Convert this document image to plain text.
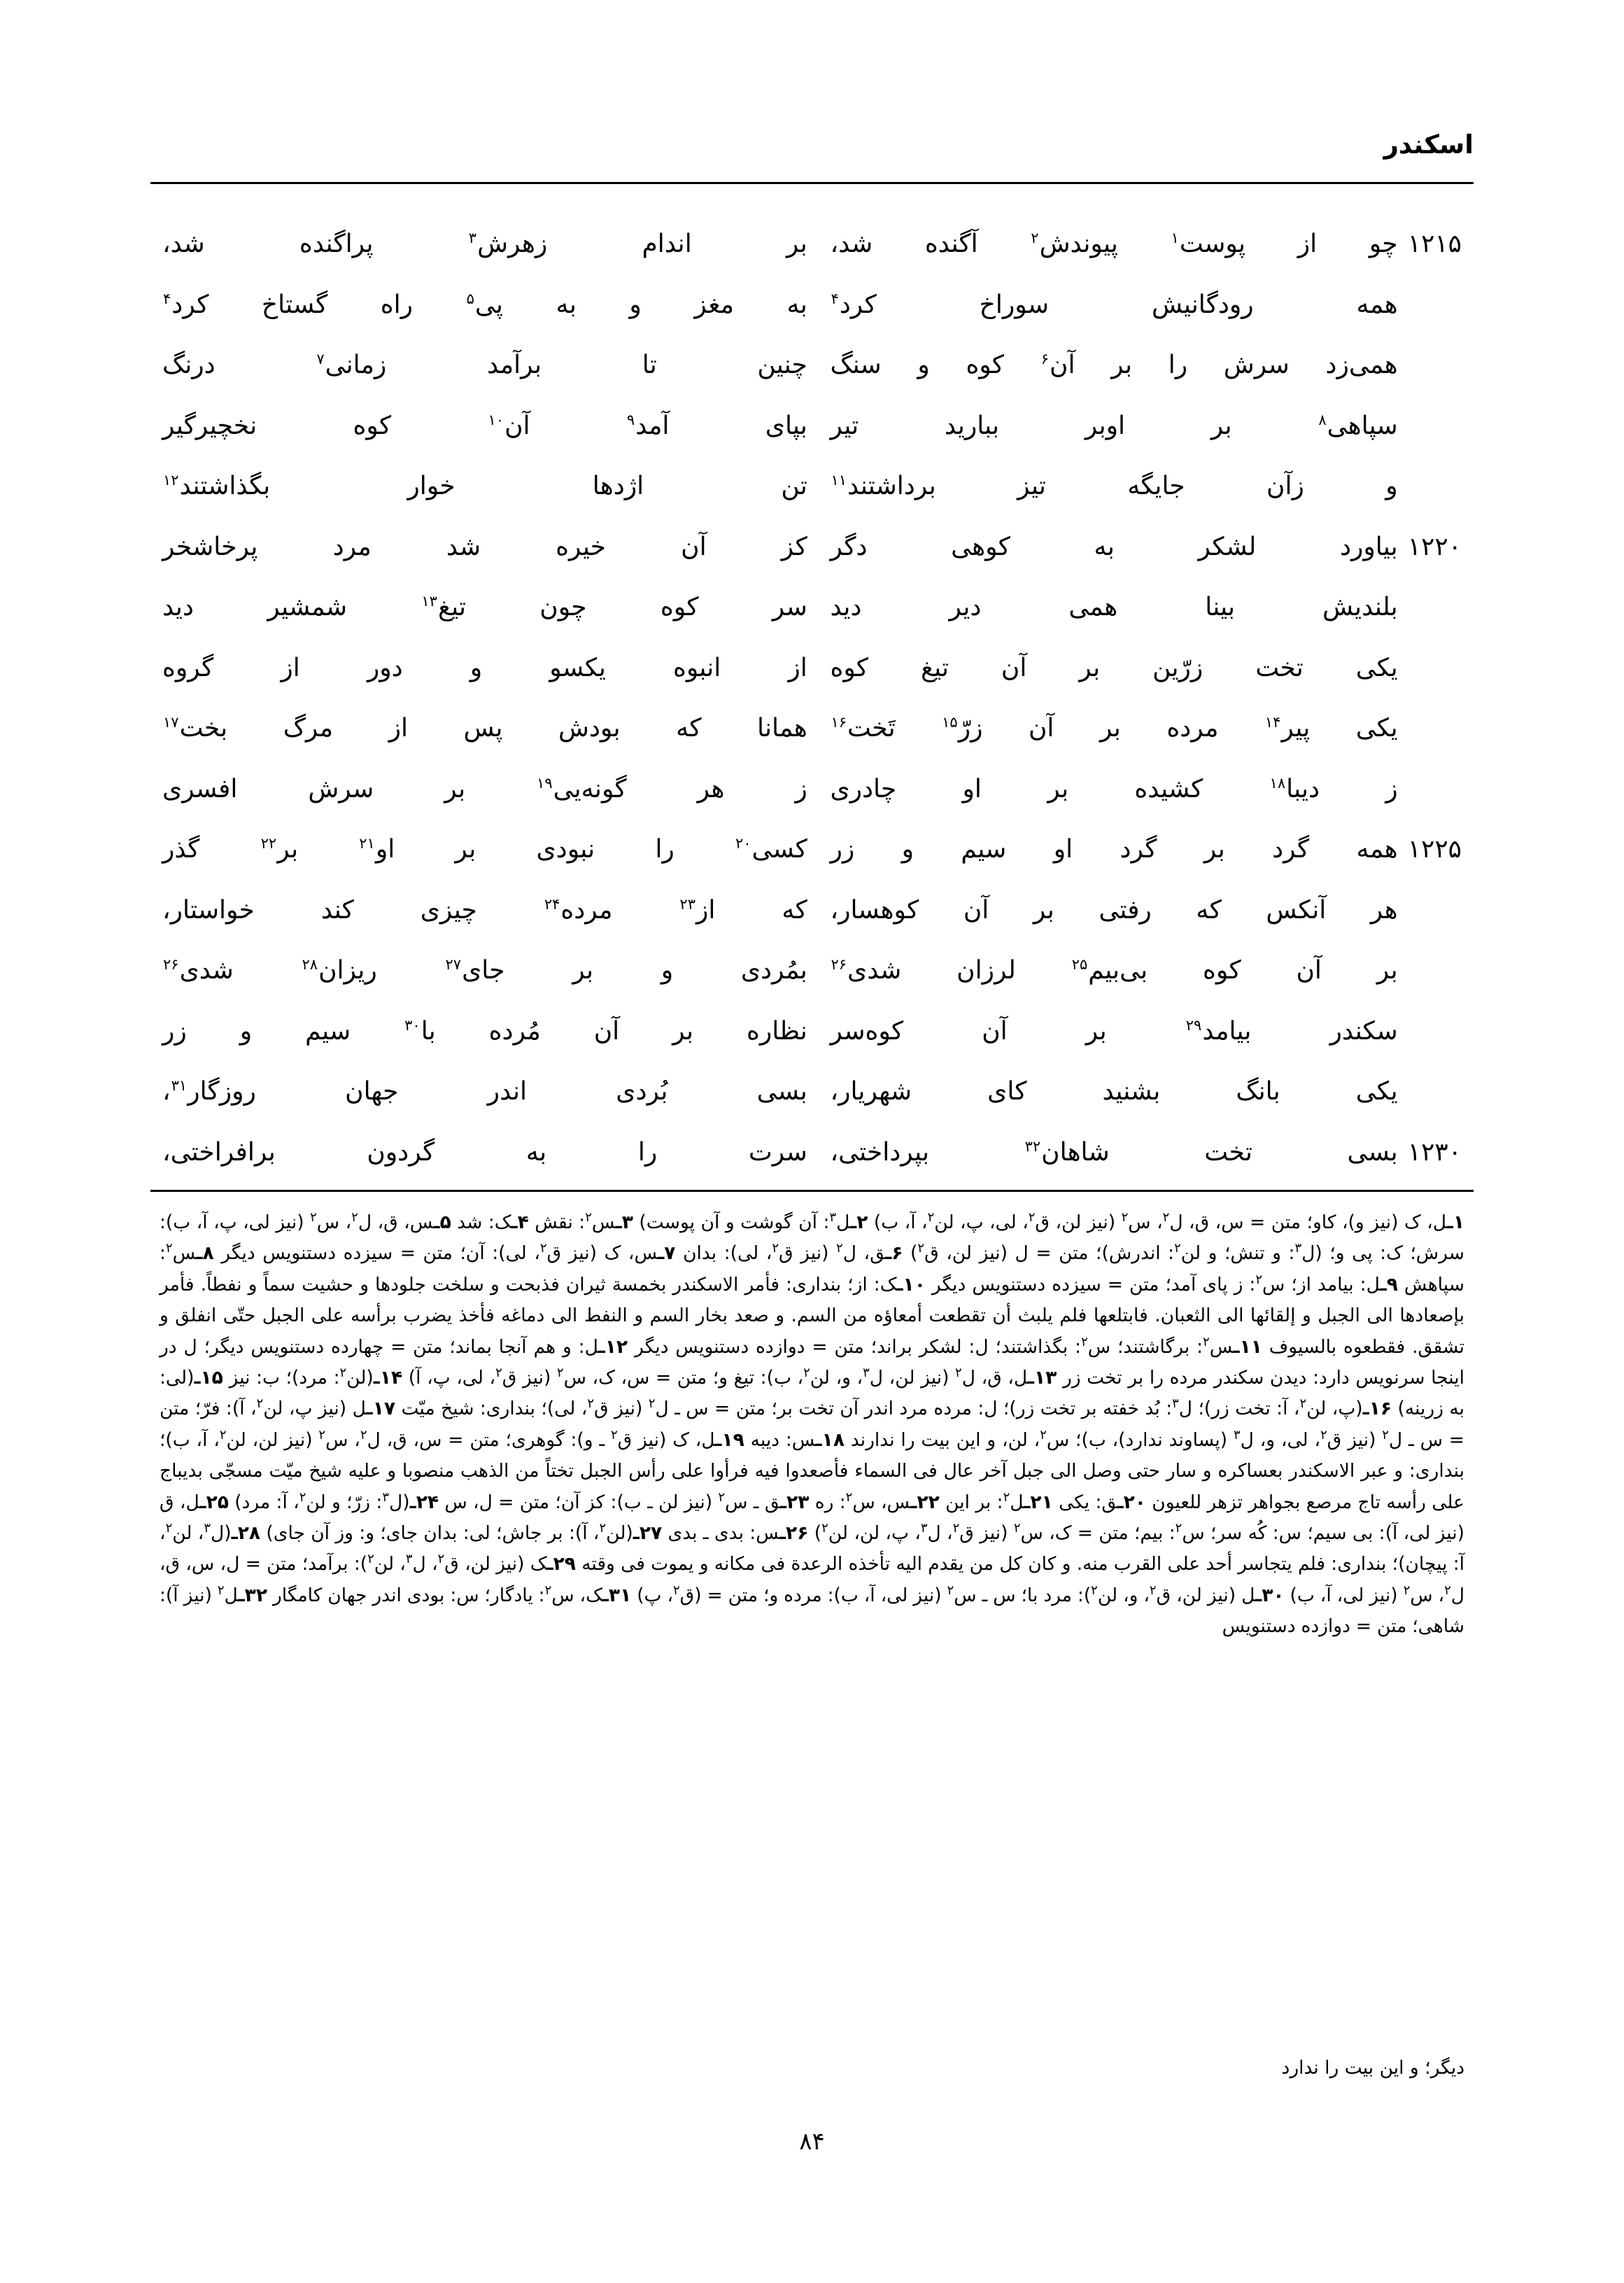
اسکندر
۱۲۱۵چو از پوست$^۱$ پیوندش$^۲$ آگنده شد،
بر اندام زهرش$^۳$ پراگنده شد،
همه رودگانیش سوراخ کرد$^۴$
به مغز و به پی$^۵$ راه گستاخ کرد$^۴$
همی‌زد سرش را بر آن$^۶$ کوه و سنگ
چنین تا برآمد زمانی$^۷$ درنگ
سپاهی$^۸$ بر اوبر ببارید تیر
بپای آمد$^۹$ آن$^{۱۰}$ کوه نخچیرگیر
و زآن جایگه تیز برداشتند$^{۱۱}$
تن اژدها خوار بگذاشتند$^{۱۲}$
۱۲۲۰بیاورد لشکر به کوهی دگر
کز آن خیره شد مرد پرخاشخر
بلندیش بینا همی دیر دید
سر کوه چون تیغ$^{۱۳}$ شمشیر دید
یکی تخت زرّین بر آن تیغ کوه
از انبوه یکسو و دور از گروه
یکی پیر$^{۱۴}$ مرده بر آن زرّ$^{۱۵}$ تَخت$^{۱۶}$
همانا که بودش پس از مرگ بخت$^{۱۷}$
ز دیبا$^{۱۸}$ کشیده بر او چادری
ز هر گونه‌یی$^{۱۹}$ بر سرش افسری
۱۲۲۵همه گرد بر گرد او سیم و زر
کسی$^{۲۰}$ را نبودی بر او$^{۲۱}$ بر$^{۲۲}$ گذر
هر آنکس که رفتی بر آن کوهسار،
که از$^{۲۳}$ مرده$^{۲۴}$ چیزی کند خواستار،
بر آن کوه بی‌بیم$^{۲۵}$ لرزان شدی$^{۲۶}$
بمُردی و بر جای$^{۲۷}$ ریزان$^{۲۸}$ شدی$^{۲۶}$
سکندر بیامد$^{۲۹}$ بر آن کوه‌سر
نظاره بر آن مُرده با$^{۳۰}$ سیم و زر
یکی بانگ بشنید کای شهریار،
بسی بُردی اندر جهان روزگار$^{۳۱}$،
۱۲۳۰بسی تخت شاهان$^{۳۲}$ بپرداختی،
سرت را به گردون برافراختی،
۱ـل، ک (نیز و)، کاو؛ متن = س، ق، ل$^۲$، س$^۲$ (نیز لن، ق$^۲$، لی، پ، لن$^۲$، آ، ب) ۲ـل$^۳$: آن گوشت و آن پوست) ۳ـس$^۲$: نقش ۴ـک: شد ۵ـس، ق، ل$^۲$، س$^۲$ (نیز لی، پ، آ، ب): سرش؛ ک: پی و؛ (ل$^۳$: و تنش؛ و لن$^۲$: اندرش)؛ متن = ل (نیز لن، ق$^۲$) ۶ـق، ل$^۲$ (نیز ق$^۲$، لی): بدان ۷ـس، ک (نیز ق$^۲$، لی): آن؛ متن = سیزده دستنویس دیگر ۸ـس$^۲$: سپاهش ۹ـل: بیامد از؛ س$^۲$: ز پای آمد؛ متن = سیزده دستنویس دیگر ۱۰ـک: از؛ بنداری: فأمر الاسکندر بخمسة ثیران فذبحت و سلخت جلودها و حشیت سماً و نفطاً. فأمر بإصعادها الی الجبل و إلقائها الی الثعبان. فابتلعها فلم یلبث أن تقطعت أمعاؤه من السم. و صعد بخار السم و النفط الی دماغه فأخذ یضرب برأسه علی الجبل حتّی انفلق و تشقق. فقطعوه بالسیوف ۱۱ـس$^۲$: برگاشتند؛ س$^۲$: بگذاشتند؛ ل: لشکر براند؛ متن = دوازده دستنویس دیگر ۱۲ـل: و هم آنجا بماند؛ متن = چهارده دستنویس دیگر؛ ل در اینجا سرنویس دارد: دیدن سکندر مرده را بر تخت زر ۱۳ـل، ق، ل$^۲$ (نیز لن، ل$^۳$، و، لن$^۲$، ب): تیغ و؛ متن = س، ک، س$^۲$ (نیز ق$^۲$، لی، پ، آ) ۱۴ـ(لن$^۲$: مرد)؛ ب: نیز ۱۵ـ(لی: به زرینه) ۱۶ـ(پ، لن$^۲$، آ: تخت زر)؛ ل$^۳$: بُد خفته بر تخت زر)؛ ل: مرده مرد اندر آن تخت بر؛ متن = س ـ ل$^۲$ (نیز ق$^۲$، لی)؛ بنداری: شیخ میّت ۱۷ـل (نیز پ، لن$^۲$، آ): فرّ؛ متن = س ـ ل$^۲$ (نیز ق$^۲$، لی، و، ل$^۳$ (پساوند ندارد)، ب)؛ س$^۲$، لن، و این بیت را ندارند ۱۸ـس: دیبه ۱۹ـل، ک (نیز ق$^۲$ ـ و): گوهری؛ متن = س، ق، ل$^۲$، س$^۲$ (نیز لن، لن$^۲$، آ، ب)؛ بنداری: و عبر الاسکندر بعساکره و سار حتی وصل الی جبل آخر عال فی السماء فأصعدوا فیه فرأوا علی رأس الجبل تختاً من الذهب منصوبا و علیه شیخ میّت مسجّی بدیباج علی رأسه تاج مرصع بجواهر تزهر للعیون ۲۰ـق: یکی ۲۱ـل$^۲$: بر این ۲۲ـس، س$^۲$: ره ۲۳ـق ـ س$^۲$ (نیز لن ـ ب): کز آن؛ متن = ل، س ۲۴ـ(ل$^۳$: زرّ؛ و لن$^۲$، آ: مرد) ۲۵ـل، ق (نیز لی، آ): بی سیم؛ س: کُه سر؛ س$^۲$: بیم؛ متن = ک، س$^۲$ (نیز ق$^۲$، ل$^۳$، پ، لن، لن$^۲$) ۲۶ـس: بدی ـ بدی ۲۷ـ(لن$^۲$، آ): بر جاش؛ لی: بدان جای؛ و: وز آن جای) ۲۸ـ(ل$^۳$، لن$^۲$، آ: پیچان)؛ بنداری: فلم یتجاسر أحد علی القرب منه. و کان کل من یقدم الیه تأخذه الرعدة فی مکانه و یموت فی وقته ۲۹ـک (نیز لن، ق$^۲$، ل$^۳$، لن$^۲$): برآمد؛ متن = ل، س، ق، ل$^۲$، س$^۲$ (نیز لی، آ، ب) ۳۰ـل (نیز لن، ق$^۲$، و، لن$^۲$): مرد با؛ س ـ س$^۲$ (نیز لی، آ، ب): مرده و؛ متن = (ق$^۲$، پ) ۳۱ـک، س$^۲$: یادگار؛ س: بودی اندر جهان کامگار ۳۲ـل$^۲$ (نیز آ): شاهی؛ متن = دوازده دستنویس
دیگر؛ و این بیت را ندارد
۸۴
